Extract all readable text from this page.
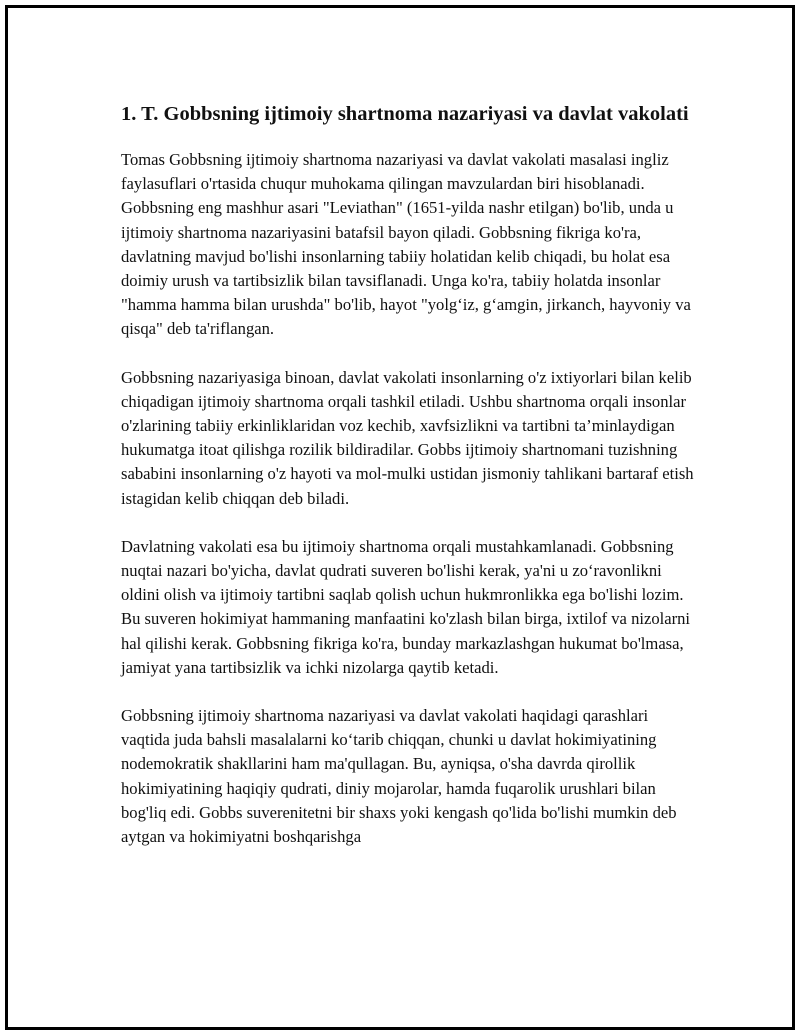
1. T. Gobbsning ijtimoiy shartnoma nazariyasi va davlat vakolati

Tomas Gobbsning ijtimoiy shartnoma nazariyasi va davlat vakolati masalasi ingliz faylasuflari o'rtasida chuqur muhokama qilingan mavzulardan biri hisoblanadi. Gobbsning eng mashhur asari "Leviathan" (1651-yilda nashr etilgan) bo'lib, unda u ijtimoiy shartnoma nazariyasini batafsil bayon qiladi. Gobbsning fikriga ko'ra, davlatning mavjud bo'lishi insonlarning tabiiy holatidan kelib chiqadi, bu holat esa doimiy urush va tartibsizlik bilan tavsiflanadi. Unga ko'ra, tabiiy holatda insonlar "hamma hamma bilan urushda" bo'lib, hayot "yolg‘iz, g‘amgin, jirkanch, hayvoniy va qisqa" deb ta'riflangan.

Gobbsning nazariyasiga binoan, davlat vakolati insonlarning o'z ixtiyorlari bilan kelib chiqadigan ijtimoiy shartnoma orqali tashkil etiladi. Ushbu shartnoma orqali insonlar o'zlarining tabiiy erkinliklaridan voz kechib, xavfsizlikni va tartibni ta’minlaydigan hukumatga itoat qilishga rozilik bildiradilar. Gobbs ijtimoiy shartnomani tuzishning sababini insonlarning o'z hayoti va mol-mulki ustidan jismoniy tahlikani bartaraf etish istagidan kelib chiqqan deb biladi.

Davlatning vakolati esa bu ijtimoiy shartnoma orqali mustahkamlanadi. Gobbsning nuqtai nazari bo'yicha, davlat qudrati suveren bo'lishi kerak, ya'ni u zo‘ravonlikni oldini olish va ijtimoiy tartibni saqlab qolish uchun hukmronlikka ega bo'lishi lozim. Bu suveren hokimiyat hammaning manfaatini ko'zlash bilan birga, ixtilof va nizolarni hal qilishi kerak. Gobbsning fikriga ko'ra, bunday markazlashgan hukumat bo'lmasa, jamiyat yana tartibsizlik va ichki nizolarga qaytib ketadi.

Gobbsning ijtimoiy shartnoma nazariyasi va davlat vakolati haqidagi qarashlari vaqtida juda bahsli masalalarni ko‘tarib chiqqan, chunki u davlat hokimiyatining nodemokratik shakllarini ham ma'qullagan. Bu, ayniqsa, o'sha davrda qirollik hokimiyatining haqiqiy qudrati, diniy mojarolar, hamda fuqarolik urushlari bilan bog'liq edi. Gobbs suverenitetni bir shaxs yoki kengash qo'lida bo'lishi mumkin deb aytgan va hokimiyatni boshqarishga
